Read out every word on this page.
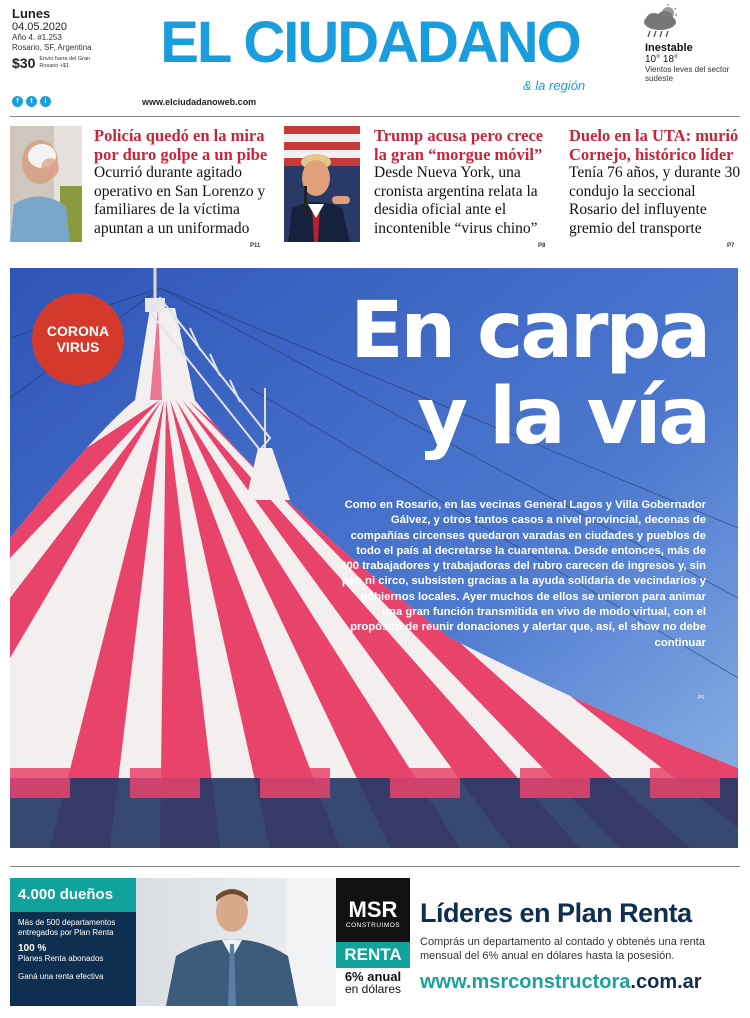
Lunes
04.05.2020
Año 4. #1.253
Rosario, SF, Argentina
$30 Envío fuera del Gran Rosario +$1
f	t	i
EL CIUDADANO
& la región
www.elciudadanoweb.com
Inestable
10° 18°
Vientos leves del sector sudeste
Policía quedó en la mira por duro golpe a un pibe
Ocurrió durante agitado operativo en San Lorenzo y familiares de la víctima apuntan a un uniformado
P11
Trump acusa pero crece la gran “morgue móvil”
Desde Nueva York, una cronista argentina relata la desidia oficial ante el incontenible “virus chino”
P8
Duelo en la UTA: murió Cornejo, histórico líder
Tenía 76 años, y durante 30 condujo la seccional Rosario del influyente gremio del transporte
P7
CORONA
VIRUS	En carpa
y la vía
Como en Rosario, en las vecinas General Lagos y Villa Gobernador Gálvez, y otros tantos casos a nivel provincial, decenas de compañías circenses quedaron varadas en ciudades y pueblos de todo el país al decretarse la cuarentena. Desde entonces, más de 400 trabajadores y trabajadoras del rubro carecen de ingresos y, sin pan ni circo, subsisten gracias a la ayuda solidaria de vecindarios y gobiernos locales. Ayer muchos de ellos se unieron para animar una gran función transmitida en vivo de modo virtual, con el propósito de reunir donaciones y alertar que, así, el show no debe continuar
P6
4.000 dueños
Más de 500 departamentos entregados por Plan Renta
100 %
Planes Renta abonados
Ganá una renta efectiva
MSR
CONSTRUIMOS
RENTA
6% anual
en dólares
Líderes en Plan Renta
Comprás un departamento al contado y obtenés una renta mensual del 6% anual en dólares hasta la posesión.
www.msrconstructora.com.ar
